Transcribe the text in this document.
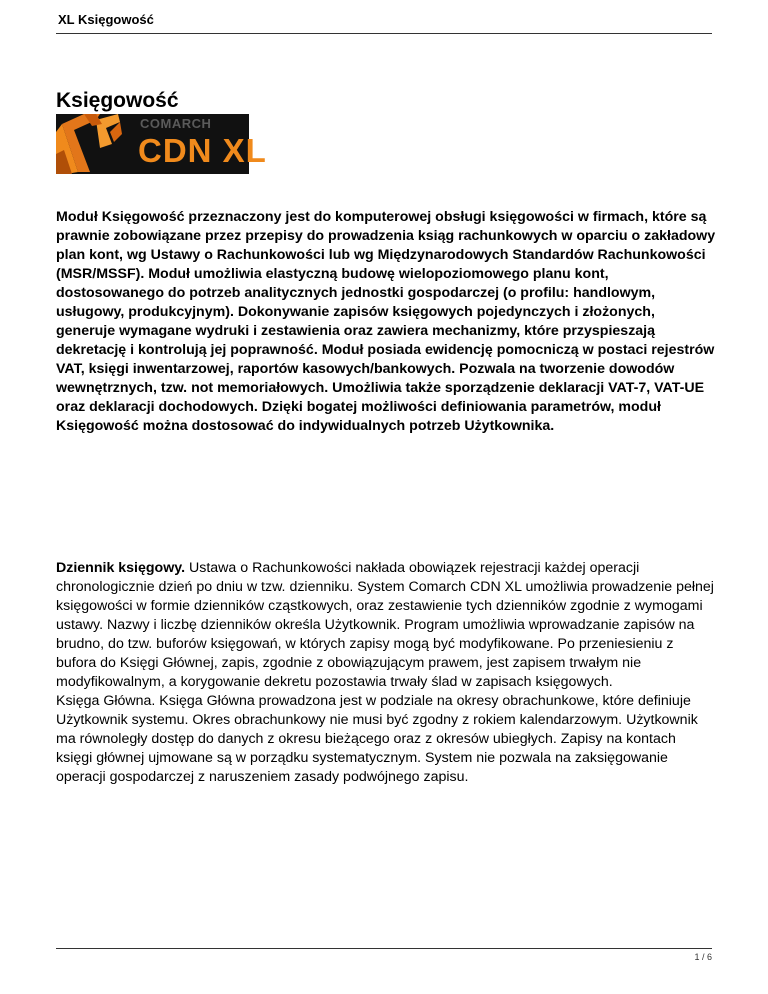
XL Księgowość
Księgowość
COMARCH
CDN XL

Moduł Księgowość przeznaczony jest do komputerowej obsługi księgowości w firmach, które są prawnie zobowiązane przez przepisy do prowadzenia ksiąg rachunkowych w oparciu o zakładowy plan kont, wg Ustawy o Rachunkowości lub wg Międzynarodowych Standardów Rachunkowości (MSR/MSSF). Moduł umożliwia elastyczną budowę wielopoziomowego planu kont, dostosowanego do potrzeb analitycznych jednostki gospodarczej (o profilu: handlowym, usługowy, produkcyjnym). Dokonywanie zapisów księgowych pojedynczych i złożonych, generuje wymagane wydruki i zestawienia oraz zawiera mechanizmy, które przyspieszają dekretację i kontrolują jej poprawność. Moduł posiada ewidencję pomocniczą w postaci rejestrów VAT, księgi inwentarzowej, raportów kasowych/bankowych. Pozwala na tworzenie dowodów wewnętrznych, tzw. not memoriałowych. Umożliwia także sporządzenie deklaracji VAT-7, VAT-UE oraz deklaracji dochodowych. Dzięki bogatej możliwości definiowania parametrów, moduł Księgowość można dostosować do indywidualnych potrzeb Użytkownika.

Dziennik księgowy. Ustawa o Rachunkowości nakłada obowiązek rejestracji każdej operacji chronologicznie dzień po dniu w tzw. dzienniku. System Comarch CDN XL umożliwia prowadzenie pełnej księgowości w formie dzienników cząstkowych, oraz zestawienie tych dzienników zgodnie z wymogami ustawy. Nazwy i liczbę dzienników określa Użytkownik. Program umożliwia wprowadzanie zapisów na brudno, do tzw. buforów księgowań, w których zapisy mogą być modyfikowane. Po przeniesieniu z bufora do Księgi Głównej, zapis, zgodnie z obowiązującym prawem, jest zapisem trwałym nie modyfikowalnym, a korygowanie dekretu pozostawia trwały ślad w zapisach księgowych.

Księga Główna. Księga Główna prowadzona jest w podziale na okresy obrachunkowe, które definiuje Użytkownik systemu. Okres obrachunkowy nie musi być zgodny z rokiem kalendarzowym. Użytkownik ma równoległy dostęp do danych z okresu bieżącego oraz z okresów ubiegłych. Zapisy na kontach księgi głównej ujmowane są w porządku systematycznym. System nie pozwala na zaksięgowanie operacji gospodarczej z naruszeniem zasady podwójnego zapisu.

1 / 6
